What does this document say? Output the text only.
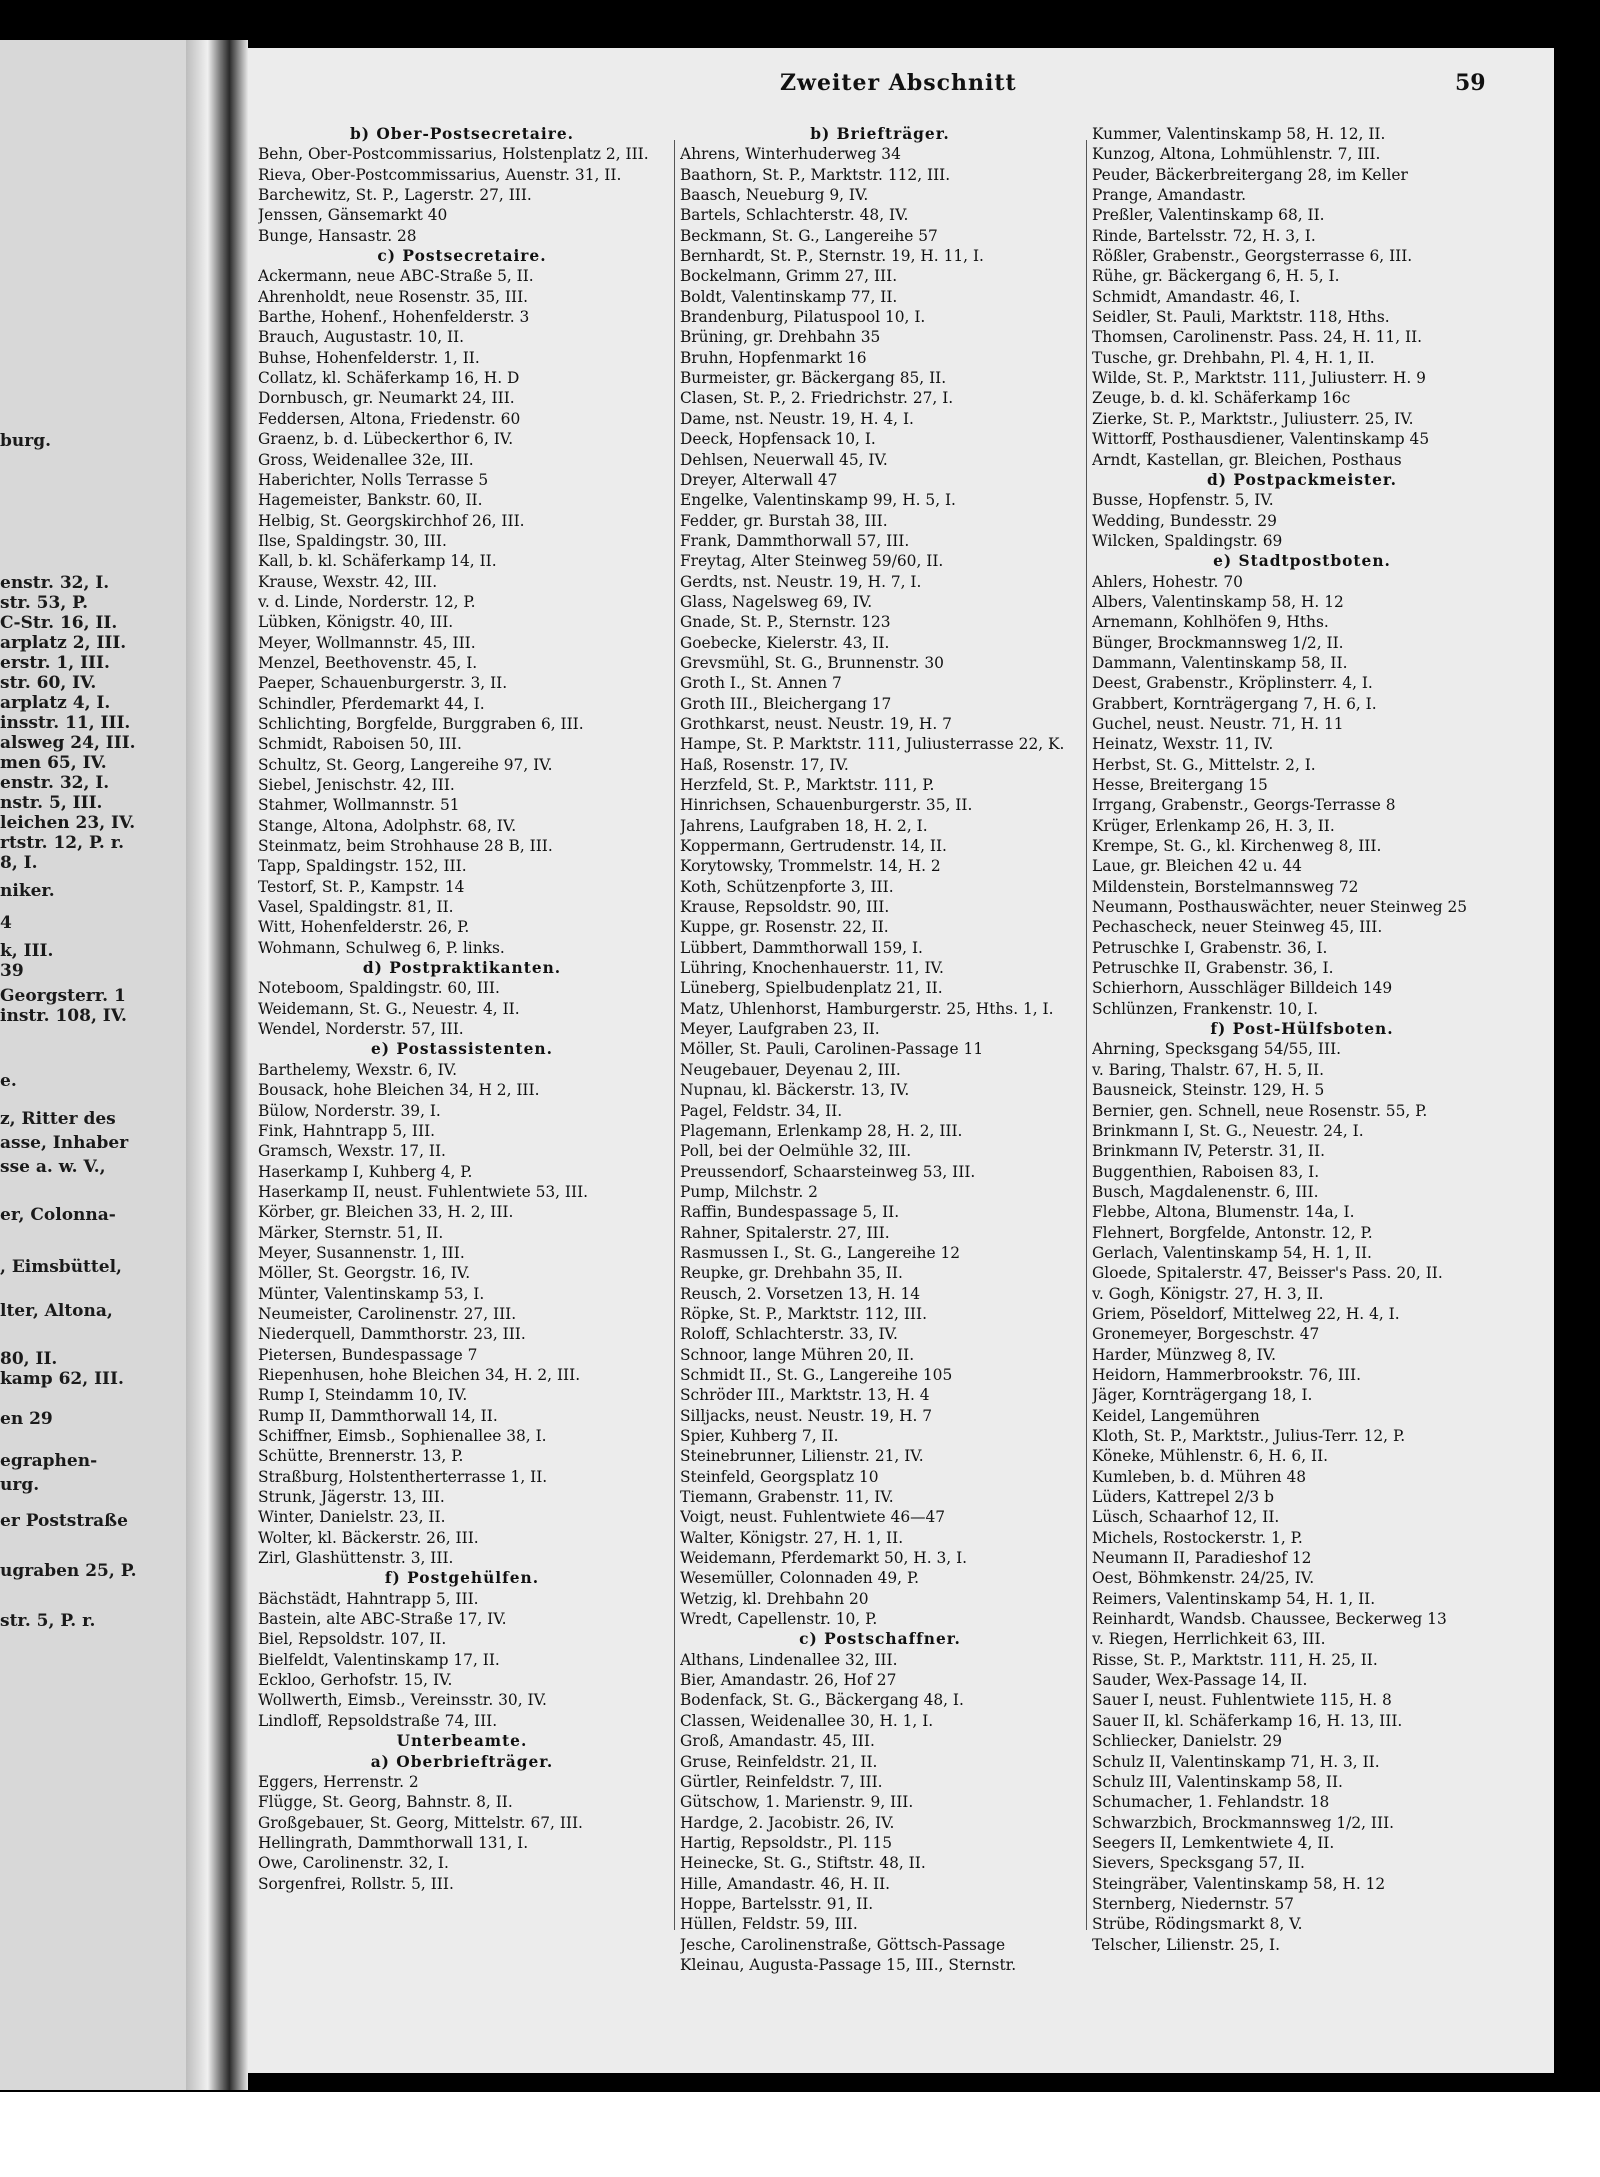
burg.
enstr. 32, I.
str. 53, P.
C-Str. 16, II.
arplatz 2, III.
erstr. 1, III.
str. 60, IV.
arplatz 4, I.
insstr. 11, III.
alsweg 24, III.
men 65, IV.
enstr. 32, I.
nstr. 5, III.
leichen 23, IV.
rtstr. 12, P. r.
8, I.
niker.
4
k, III.
39
Georgsterr. 1
instr. 108, IV.
e.
z, Ritter des
asse, Inhaber
sse a. w. V.,
er, Colonna-
, Eimsbüttel,
lter, Altona,
80, II.
kamp 62, III.
en 29
egraphen-
urg.
er Poststraße
ugraben 25, P.
str. 5, P. r.
Zweiter Abschnitt	59
b) Ober-Postsecretaire.
Behn, Ober-Postcommissarius, Holstenplatz 2, III.
Rieva, Ober-Postcommissarius, Auenstr. 31, II.
Barchewitz, St. P., Lagerstr. 27, III.
Jenssen, Gänsemarkt 40
Bunge, Hansastr. 28
c) Postsecretaire.
Ackermann, neue ABC-Straße 5, II.
Ahrenholdt, neue Rosenstr. 35, III.
Barthe, Hohenf., Hohenfelderstr. 3
Brauch, Augustastr. 10, II.
Buhse, Hohenfelderstr. 1, II.
Collatz, kl. Schäferkamp 16, H. D
Dornbusch, gr. Neumarkt 24, III.
Feddersen, Altona, Friedenstr. 60
Graenz, b. d. Lübeckerthor 6, IV.
Gross, Weidenallee 32e, III.
Haberichter, Nolls Terrasse 5
Hagemeister, Bankstr. 60, II.
Helbig, St. Georgskirchhof 26, III.
Ilse, Spaldingstr. 30, III.
Kall, b. kl. Schäferkamp 14, II.
Krause, Wexstr. 42, III.
v. d. Linde, Norderstr. 12, P.
Lübken, Königstr. 40, III.
Meyer, Wollmannstr. 45, III.
Menzel, Beethovenstr. 45, I.
Paeper, Schauenburgerstr. 3, II.
Schindler, Pferdemarkt 44, I.
Schlichting, Borgfelde, Burggraben 6, III.
Schmidt, Raboisen 50, III.
Schultz, St. Georg, Langereihe 97, IV.
Siebel, Jenischstr. 42, III.
Stahmer, Wollmannstr. 51
Stange, Altona, Adolphstr. 68, IV.
Steinmatz, beim Strohhause 28 B, III.
Tapp, Spaldingstr. 152, III.
Testorf, St. P., Kampstr. 14
Vasel, Spaldingstr. 81, II.
Witt, Hohenfelderstr. 26, P.
Wohmann, Schulweg 6, P. links.
d) Postpraktikanten.
Noteboom, Spaldingstr. 60, III.
Weidemann, St. G., Neuestr. 4, II.
Wendel, Norderstr. 57, III.
e) Postassistenten.
Barthelemy, Wexstr. 6, IV.
Bousack, hohe Bleichen 34, H 2, III.
Bülow, Norderstr. 39, I.
Fink, Hahntrapp 5, III.
Gramsch, Wexstr. 17, II.
Haserkamp I, Kuhberg 4, P.
Haserkamp II, neust. Fuhlentwiete 53, III.
Körber, gr. Bleichen 33, H. 2, III.
Märker, Sternstr. 51, II.
Meyer, Susannenstr. 1, III.
Möller, St. Georgstr. 16, IV.
Münter, Valentinskamp 53, I.
Neumeister, Carolinenstr. 27, III.
Niederquell, Dammthorstr. 23, III.
Pietersen, Bundespassage 7
Riepenhusen, hohe Bleichen 34, H. 2, III.
Rump I, Steindamm 10, IV.
Rump II, Dammthorwall 14, II.
Schiffner, Eimsb., Sophienallee 38, I.
Schütte, Brennerstr. 13, P.
Straßburg, Holstentherterrasse 1, II.
Strunk, Jägerstr. 13, III.
Winter, Danielstr. 23, II.
Wolter, kl. Bäckerstr. 26, III.
Zirl, Glashüttenstr. 3, III.
f) Postgehülfen.
Bächstädt, Hahntrapp 5, III.
Bastein, alte ABC-Straße 17, IV.
Biel, Repsoldstr. 107, II.
Bielfeldt, Valentinskamp 17, II.
Eckloo, Gerhofstr. 15, IV.
Wollwerth, Eimsb., Vereinsstr. 30, IV.
Lindloff, Repsoldstraße 74, III.
Unterbeamte.
a) Oberbriefträger.
Eggers, Herrenstr. 2
Flügge, St. Georg, Bahnstr. 8, II.
Großgebauer, St. Georg, Mittelstr. 67, III.
Hellingrath, Dammthorwall 131, I.
Owe, Carolinenstr. 32, I.
Sorgenfrei, Rollstr. 5, III.
b) Briefträger.
Ahrens, Winterhuderweg 34
Baathorn, St. P., Marktstr. 112, III.
Baasch, Neueburg 9, IV.
Bartels, Schlachterstr. 48, IV.
Beckmann, St. G., Langereihe 57
Bernhardt, St. P., Sternstr. 19, H. 11, I.
Bockelmann, Grimm 27, III.
Boldt, Valentinskamp 77, II.
Brandenburg, Pilatuspool 10, I.
Brüning, gr. Drehbahn 35
Bruhn, Hopfenmarkt 16
Burmeister, gr. Bäckergang 85, II.
Clasen, St. P., 2. Friedrichstr. 27, I.
Dame, nst. Neustr. 19, H. 4, I.
Deeck, Hopfensack 10, I.
Dehlsen, Neuerwall 45, IV.
Dreyer, Alterwall 47
Engelke, Valentinskamp 99, H. 5, I.
Fedder, gr. Burstah 38, III.
Frank, Dammthorwall 57, III.
Freytag, Alter Steinweg 59/60, II.
Gerdts, nst. Neustr. 19, H. 7, I.
Glass, Nagelsweg 69, IV.
Gnade, St. P., Sternstr. 123
Goebecke, Kielerstr. 43, II.
Grevsmühl, St. G., Brunnenstr. 30
Groth I., St. Annen 7
Groth III., Bleichergang 17
Grothkarst, neust. Neustr. 19, H. 7
Hampe, St. P. Marktstr. 111, Juliusterrasse 22, K.
Haß, Rosenstr. 17, IV.
Herzfeld, St. P., Marktstr. 111, P.
Hinrichsen, Schauenburgerstr. 35, II.
Jahrens, Laufgraben 18, H. 2, I.
Koppermann, Gertrudenstr. 14, II.
Korytowsky, Trommelstr. 14, H. 2
Koth, Schützenpforte 3, III.
Krause, Repsoldstr. 90, III.
Kuppe, gr. Rosenstr. 22, II.
Lübbert, Dammthorwall 159, I.
Lühring, Knochenhauerstr. 11, IV.
Lüneberg, Spielbudenplatz 21, II.
Matz, Uhlenhorst, Hamburgerstr. 25, Hths. 1, I.
Meyer, Laufgraben 23, II.
Möller, St. Pauli, Carolinen-Passage 11
Neugebauer, Deyenau 2, III.
Nupnau, kl. Bäckerstr. 13, IV.
Pagel, Feldstr. 34, II.
Plagemann, Erlenkamp 28, H. 2, III.
Poll, bei der Oelmühle 32, III.
Preussendorf, Schaarsteinweg 53, III.
Pump, Milchstr. 2
Raffin, Bundespassage 5, II.
Rahner, Spitalerstr. 27, III.
Rasmussen I., St. G., Langereihe 12
Reupke, gr. Drehbahn 35, II.
Reusch, 2. Vorsetzen 13, H. 14
Röpke, St. P., Marktstr. 112, III.
Roloff, Schlachterstr. 33, IV.
Schnoor, lange Mühren 20, II.
Schmidt II., St. G., Langereihe 105
Schröder III., Marktstr. 13, H. 4
Silljacks, neust. Neustr. 19, H. 7
Spier, Kuhberg 7, II.
Steinebrunner, Lilienstr. 21, IV.
Steinfeld, Georgsplatz 10
Tiemann, Grabenstr. 11, IV.
Voigt, neust. Fuhlentwiete 46—47
Walter, Königstr. 27, H. 1, II.
Weidemann, Pferdemarkt 50, H. 3, I.
Wesemüller, Colonnaden 49, P.
Wetzig, kl. Drehbahn 20
Wredt, Capellenstr. 10, P.
c) Postschaffner.
Althans, Lindenallee 32, III.
Bier, Amandastr. 26, Hof 27
Bodenfack, St. G., Bäckergang 48, I.
Classen, Weidenallee 30, H. 1, I.
Groß, Amandastr. 45, III.
Gruse, Reinfeldstr. 21, II.
Gürtler, Reinfeldstr. 7, III.
Gütschow, 1. Marienstr. 9, III.
Hardge, 2. Jacobistr. 26, IV.
Hartig, Repsoldstr., Pl. 115
Heinecke, St. G., Stiftstr. 48, II.
Hille, Amandastr. 46, H. II.
Hoppe, Bartelsstr. 91, II.
Hüllen, Feldstr. 59, III.
Jesche, Carolinenstraße, Göttsch-Passage
Kleinau, Augusta-Passage 15, III., Sternstr.
Kummer, Valentinskamp 58, H. 12, II.
Kunzog, Altona, Lohmühlenstr. 7, III.
Peuder, Bäckerbreitergang 28, im Keller
Prange, Amandastr.
Preßler, Valentinskamp 68, II.
Rinde, Bartelsstr. 72, H. 3, I.
Rößler, Grabenstr., Georgsterrasse 6, III.
Rühe, gr. Bäckergang 6, H. 5, I.
Schmidt, Amandastr. 46, I.
Seidler, St. Pauli, Marktstr. 118, Hths.
Thomsen, Carolinenstr. Pass. 24, H. 11, II.
Tusche, gr. Drehbahn, Pl. 4, H. 1, II.
Wilde, St. P., Marktstr. 111, Juliusterr. H. 9
Zeuge, b. d. kl. Schäferkamp 16c
Zierke, St. P., Marktstr., Juliusterr. 25, IV.
Wittorff, Posthausdiener, Valentinskamp 45
Arndt, Kastellan, gr. Bleichen, Posthaus
d) Postpackmeister.
Busse, Hopfenstr. 5, IV.
Wedding, Bundesstr. 29
Wilcken, Spaldingstr. 69
e) Stadtpostboten.
Ahlers, Hohestr. 70
Albers, Valentinskamp 58, H. 12
Arnemann, Kohlhöfen 9, Hths.
Bünger, Brockmannsweg 1/2, II.
Dammann, Valentinskamp 58, II.
Deest, Grabenstr., Kröplinsterr. 4, I.
Grabbert, Kornträgergang 7, H. 6, I.
Guchel, neust. Neustr. 71, H. 11
Heinatz, Wexstr. 11, IV.
Herbst, St. G., Mittelstr. 2, I.
Hesse, Breitergang 15
Irrgang, Grabenstr., Georgs-Terrasse 8
Krüger, Erlenkamp 26, H. 3, II.
Krempe, St. G., kl. Kirchenweg 8, III.
Laue, gr. Bleichen 42 u. 44
Mildenstein, Borstelmannsweg 72
Neumann, Posthauswächter, neuer Steinweg 25
Pechascheck, neuer Steinweg 45, III.
Petruschke I, Grabenstr. 36, I.
Petruschke II, Grabenstr. 36, I.
Schierhorn, Ausschläger Billdeich 149
Schlünzen, Frankenstr. 10, I.
f) Post-Hülfsboten.
Ahrning, Specksgang 54/55, III.
v. Baring, Thalstr. 67, H. 5, II.
Bausneick, Steinstr. 129, H. 5
Bernier, gen. Schnell, neue Rosenstr. 55, P.
Brinkmann I, St. G., Neuestr. 24, I.
Brinkmann IV, Peterstr. 31, II.
Buggenthien, Raboisen 83, I.
Busch, Magdalenenstr. 6, III.
Flebbe, Altona, Blumenstr. 14a, I.
Flehnert, Borgfelde, Antonstr. 12, P.
Gerlach, Valentinskamp 54, H. 1, II.
Gloede, Spitalerstr. 47, Beisser's Pass. 20, II.
v. Gogh, Königstr. 27, H. 3, II.
Griem, Pöseldorf, Mittelweg 22, H. 4, I.
Gronemeyer, Borgeschstr. 47
Harder, Münzweg 8, IV.
Heidorn, Hammerbrookstr. 76, III.
Jäger, Kornträgergang 18, I.
Keidel, Langemühren
Kloth, St. P., Marktstr., Julius-Terr. 12, P.
Köneke, Mühlenstr. 6, H. 6, II.
Kumleben, b. d. Mühren 48
Lüders, Kattrepel 2/3 b
Lüsch, Schaarhof 12, II.
Michels, Rostockerstr. 1, P.
Neumann II, Paradieshof 12
Oest, Böhmkenstr. 24/25, IV.
Reimers, Valentinskamp 54, H. 1, II.
Reinhardt, Wandsb. Chaussee, Beckerweg 13
v. Riegen, Herrlichkeit 63, III.
Risse, St. P., Marktstr. 111, H. 25, II.
Sauder, Wex-Passage 14, II.
Sauer I, neust. Fuhlentwiete 115, H. 8
Sauer II, kl. Schäferkamp 16, H. 13, III.
Schliecker, Danielstr. 29
Schulz II, Valentinskamp 71, H. 3, II.
Schulz III, Valentinskamp 58, II.
Schumacher, 1. Fehlandstr. 18
Schwarzbich, Brockmannsweg 1/2, III.
Seegers II, Lemkentwiete 4, II.
Sievers, Specksgang 57, II.
Steingräber, Valentinskamp 58, H. 12
Sternberg, Niedernstr. 57
Strübe, Rödingsmarkt 8, V.
Telscher, Lilienstr. 25, I.
